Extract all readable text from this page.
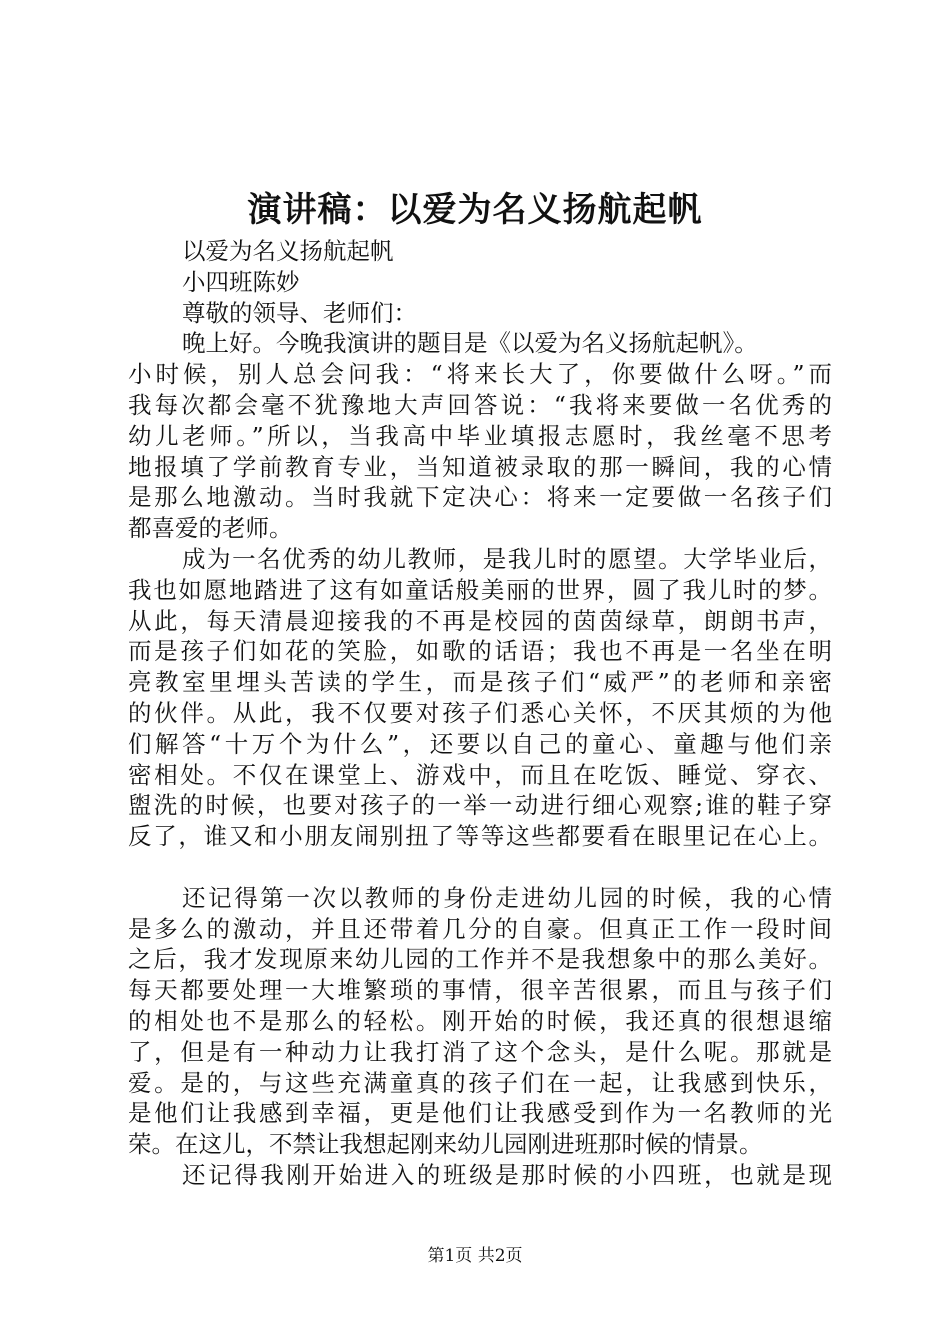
演讲稿：以爱为名义扬航起帆
以爱为名义扬航起帆
小四班陈妙
尊敬的领导、老师们：
晚上好。今晚我演讲的题目是《以爱为名义扬航起帆》。
小时候，别人总会问我：“将来长大了，你要做什么呀。”而
我每次都会毫不犹豫地大声回答说：“我将来要做一名优秀的
幼儿老师。”所以，当我高中毕业填报志愿时，我丝毫不思考
地报填了学前教育专业，当知道被录取的那一瞬间，我的心情
是那么地激动。当时我就下定决心：将来一定要做一名孩子们
都喜爱的老师。
成为一名优秀的幼儿教师，是我儿时的愿望。大学毕业后，
我也如愿地踏进了这有如童话般美丽的世界，圆了我儿时的梦。
从此，每天清晨迎接我的不再是校园的茵茵绿草，朗朗书声，
而是孩子们如花的笑脸，如歌的话语；我也不再是一名坐在明
亮教室里埋头苦读的学生，而是孩子们“威严”的老师和亲密
的伙伴。从此，我不仅要对孩子们悉心关怀，不厌其烦的为他
们解答“十万个为什么”，还要以自己的童心、童趣与他们亲
密相处。不仅在课堂上、游戏中，而且在吃饭、睡觉、穿衣、
盥洗的时候，也要对孩子的一举一动进行细心观察;谁的鞋子穿
反了，谁又和小朋友闹别扭了等等这些都要看在眼里记在心上。
还记得第一次以教师的身份走进幼儿园的时候，我的心情
是多么的激动，并且还带着几分的自豪。但真正工作一段时间
之后，我才发现原来幼儿园的工作并不是我想象中的那么美好。
每天都要处理一大堆繁琐的事情，很辛苦很累，而且与孩子们
的相处也不是那么的轻松。刚开始的时候，我还真的很想退缩
了，但是有一种动力让我打消了这个念头，是什么呢。那就是
爱。是的，与这些充满童真的孩子们在一起，让我感到快乐，
是他们让我感到幸福，更是他们让我感受到作为一名教师的光
荣。在这儿，不禁让我想起刚来幼儿园刚进班那时候的情景。
还记得我刚开始进入的班级是那时候的小四班，也就是现
第1页 共2页
